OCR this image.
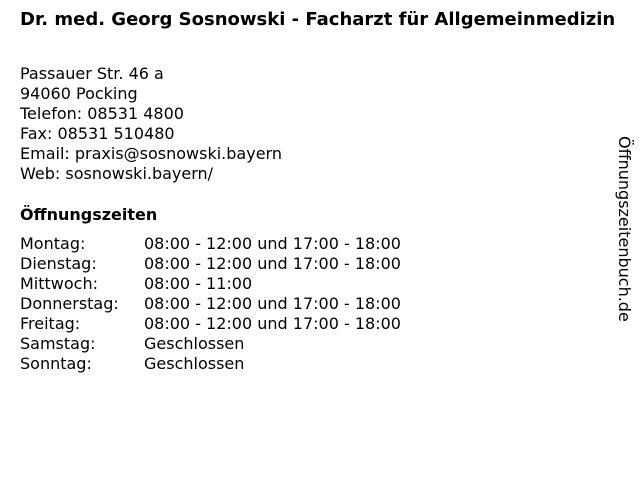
Dr. med. Georg Sosnowski - Facharzt für Allgemeinmedizin
Passauer Str. 46 a
94060 Pocking
Telefon: 08531 4800
Fax: 08531 510480
Email: praxis@sosnowski.bayern
Web: sosnowski.bayern/
Öffnungszeiten
Montag:	08:00 - 12:00 und 17:00 - 18:00
Dienstag:	08:00 - 12:00 und 17:00 - 18:00
Mittwoch:	08:00 - 11:00
Donnerstag:	08:00 - 12:00 und 17:00 - 18:00
Freitag:	08:00 - 12:00 und 17:00 - 18:00
Samstag:	Geschlossen
Sonntag:	Geschlossen
Öffnungszeitenbuch.de
